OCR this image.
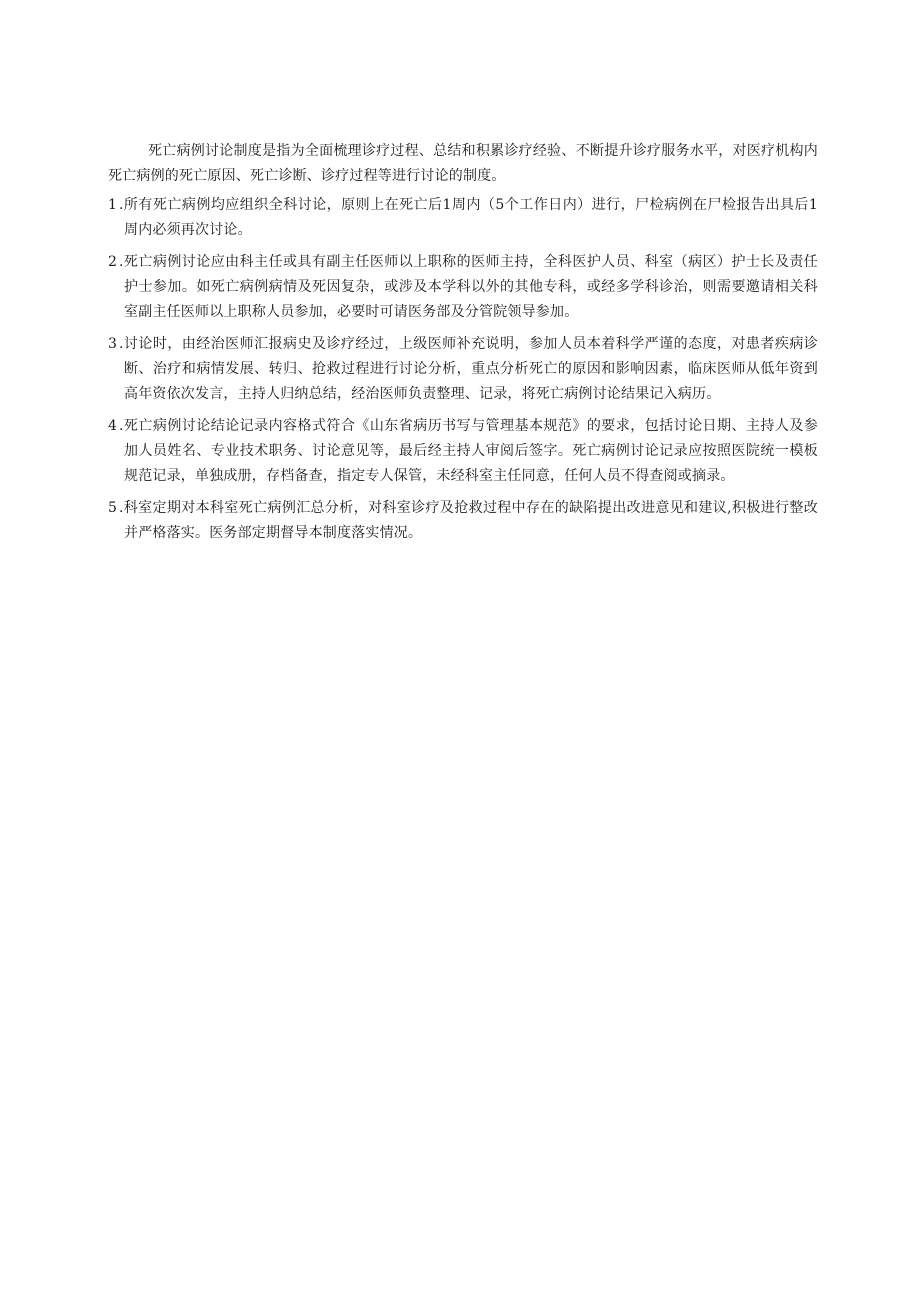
死亡病例讨论制度是指为全面梳理诊疗过程、总结和积累诊疗经验、不断提升诊疗服务水平，对医疗机构内死亡病例的死亡原因、死亡诊断、诊疗过程等进行讨论的制度。

1 .所有死亡病例均应组织全科讨论，原则上在死亡后1周内（5个工作日内）进行，尸检病例在尸检报告出具后1周内必须再次讨论。
2 .死亡病例讨论应由科主任或具有副主任医师以上职称的医师主持，全科医护人员、科室（病区）护士长及责任护士参加。如死亡病例病情及死因复杂，或涉及本学科以外的其他专科，或经多学科诊治，则需要邀请相关科室副主任医师以上职称人员参加，必要时可请医务部及分管院领导参加。
3 .讨论时，由经治医师汇报病史及诊疗经过，上级医师补充说明，参加人员本着科学严谨的态度，对患者疾病诊断、治疗和病情发展、转归、抢救过程进行讨论分析，重点分析死亡的原因和影响因素，临床医师从低年资到高年资依次发言，主持人归纳总结，经治医师负责整理、记录，将死亡病例讨论结果记入病历。
4 .死亡病例讨论结论记录内容格式符合《山东省病历书写与管理基本规范》的要求，包括讨论日期、主持人及参加人员姓名、专业技术职务、讨论意见等，最后经主持人审阅后签字。死亡病例讨论记录应按照医院统一模板规范记录，单独成册，存档备查，指定专人保管，未经科室主任同意，任何人员不得查阅或摘录。
5 .科室定期对本科室死亡病例汇总分析，对科室诊疗及抢救过程中存在的缺陷提出改进意见和建议,积极进行整改并严格落实。医务部定期督导本制度落实情况。
